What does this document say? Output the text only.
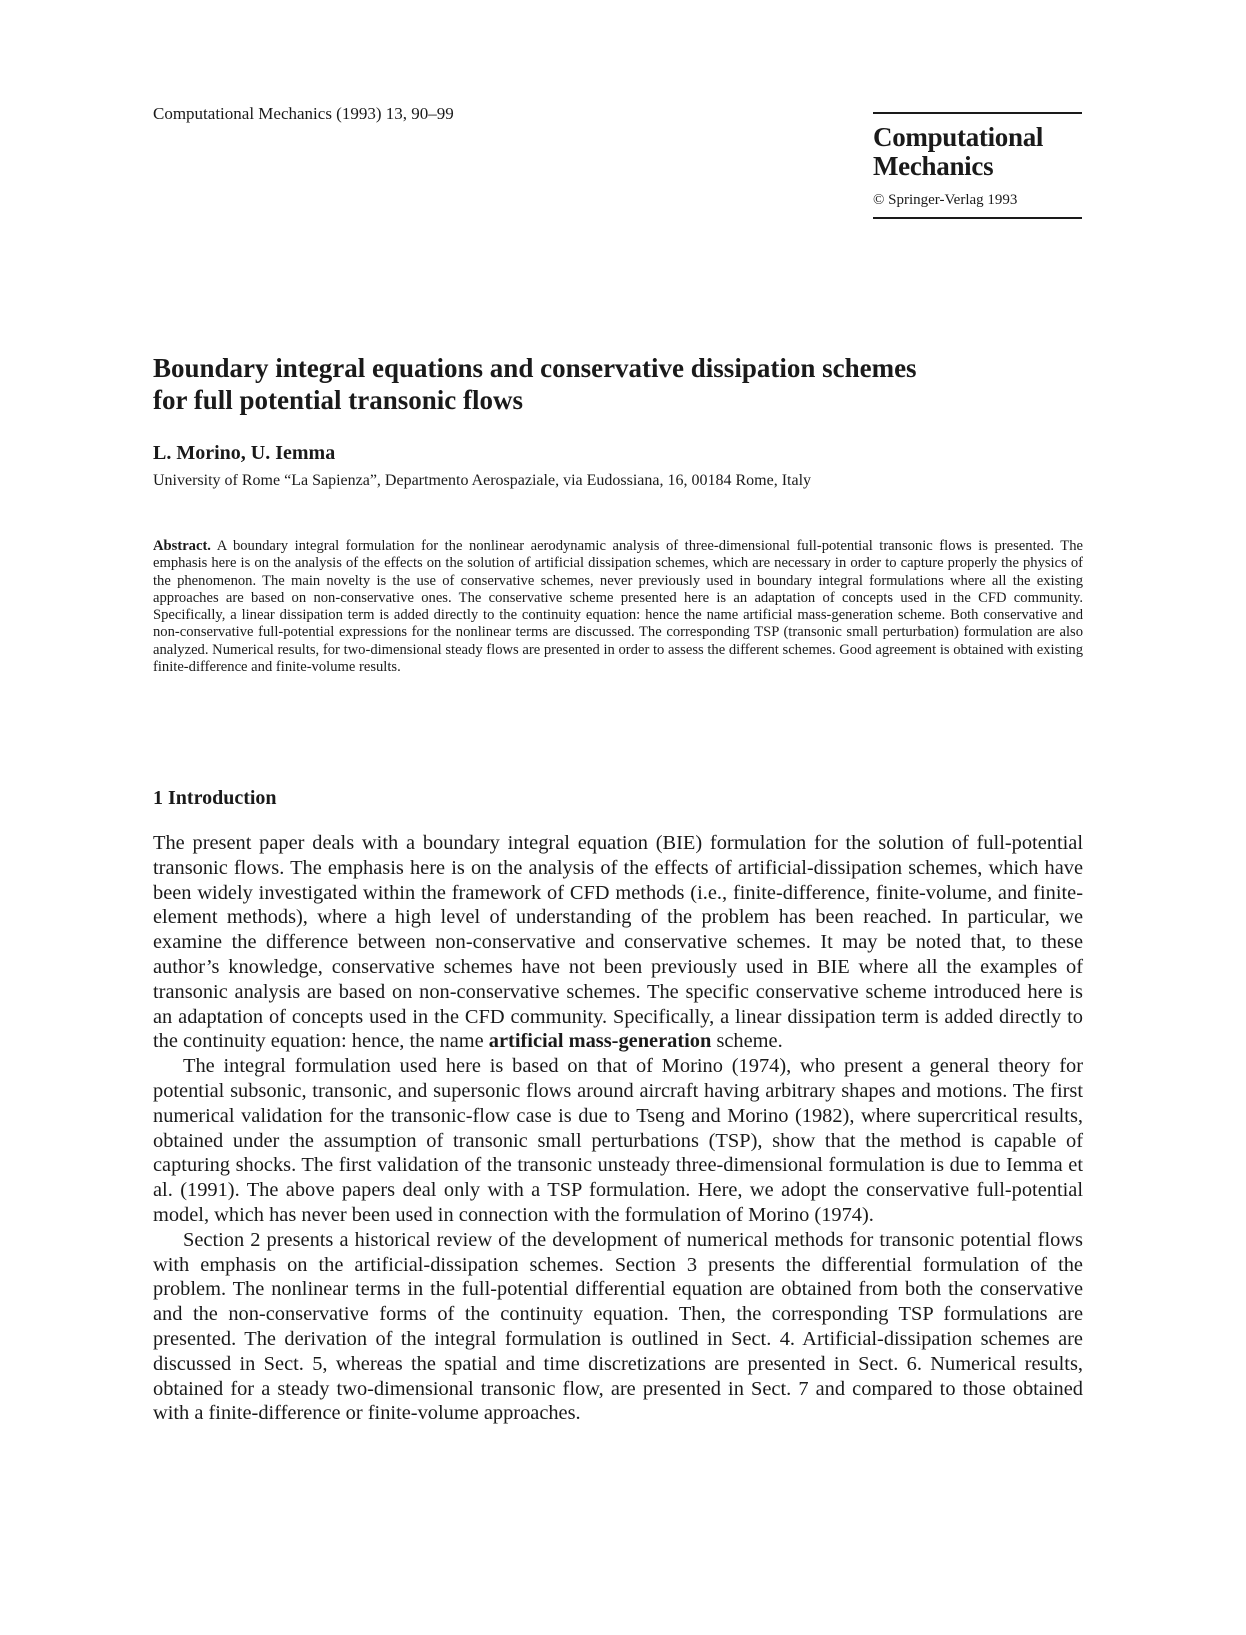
Computational Mechanics (1993) 13, 90–99
Computational
Mechanics
© Springer-Verlag 1993
Boundary integral equations and conservative dissipation schemes
for full potential transonic flows
L. Morino, U. Iemma
University of Rome “La Sapienza”, Departmento Aerospaziale, via Eudossiana, 16, 00184 Rome, Italy

Abstract. A boundary integral formulation for the nonlinear aerodynamic analysis of three-dimensional full-potential transonic flows is presented. The emphasis here is on the analysis of the effects on the solution of artificial dissipation schemes, which are necessary in order to capture properly the physics of the phenomenon. The main novelty is the use of conservative schemes, never previously used in boundary integral formulations where all the existing approaches are based on non-conservative ones. The conservative scheme presented here is an adaptation of concepts used in the CFD community. Specifically, a linear dissipation term is added directly to the continuity equation: hence the name artificial mass-generation scheme. Both conservative and non-conservative full-potential expressions for the nonlinear terms are discussed. The corresponding TSP (transonic small perturbation) formulation are also analyzed. Numerical results, for two-dimensional steady flows are presented in order to assess the different schemes. Good agreement is obtained with existing finite-difference and finite-volume results.

1 Introduction

The present paper deals with a boundary integral equation (BIE) formulation for the solution of full-potential transonic flows. The emphasis here is on the analysis of the effects of artificial-dissipation schemes, which have been widely investigated within the framework of CFD methods (i.e., finite-difference, finite-volume, and finite-element methods), where a high level of understanding of the problem has been reached. In particular, we examine the difference between non-conservative and conservative schemes. It may be noted that, to these author’s knowledge, conservative schemes have not been previously used in BIE where all the examples of transonic analysis are based on non-conservative schemes. The specific conservative scheme introduced here is an adaptation of concepts used in the CFD community. Specifically, a linear dissipation term is added directly to the continuity equation: hence, the name artificial mass-generation scheme.

The integral formulation used here is based on that of Morino (1974), who present a general theory for potential subsonic, transonic, and supersonic flows around aircraft having arbitrary shapes and motions. The first numerical validation for the transonic-flow case is due to Tseng and Morino (1982), where supercritical results, obtained under the assumption of transonic small perturbations (TSP), show that the method is capable of capturing shocks. The first validation of the transonic unsteady three-dimensional formulation is due to Iemma et al. (1991). The above papers deal only with a TSP formulation. Here, we adopt the conservative full-potential model, which has never been used in connection with the formulation of Morino (1974).

Section 2 presents a historical review of the development of numerical methods for transonic potential flows with emphasis on the artificial-dissipation schemes. Section 3 presents the differential formulation of the problem. The nonlinear terms in the full-potential differential equation are obtained from both the conservative and the non-conservative forms of the continuity equation. Then, the corresponding TSP formulations are presented. The derivation of the integral formulation is outlined in Sect. 4. Artificial-dissipation schemes are discussed in Sect. 5, whereas the spatial and time discretizations are presented in Sect. 6. Numerical results, obtained for a steady two-dimensional transonic flow, are presented in Sect. 7 and compared to those obtained with a finite-difference or finite-volume approaches.
